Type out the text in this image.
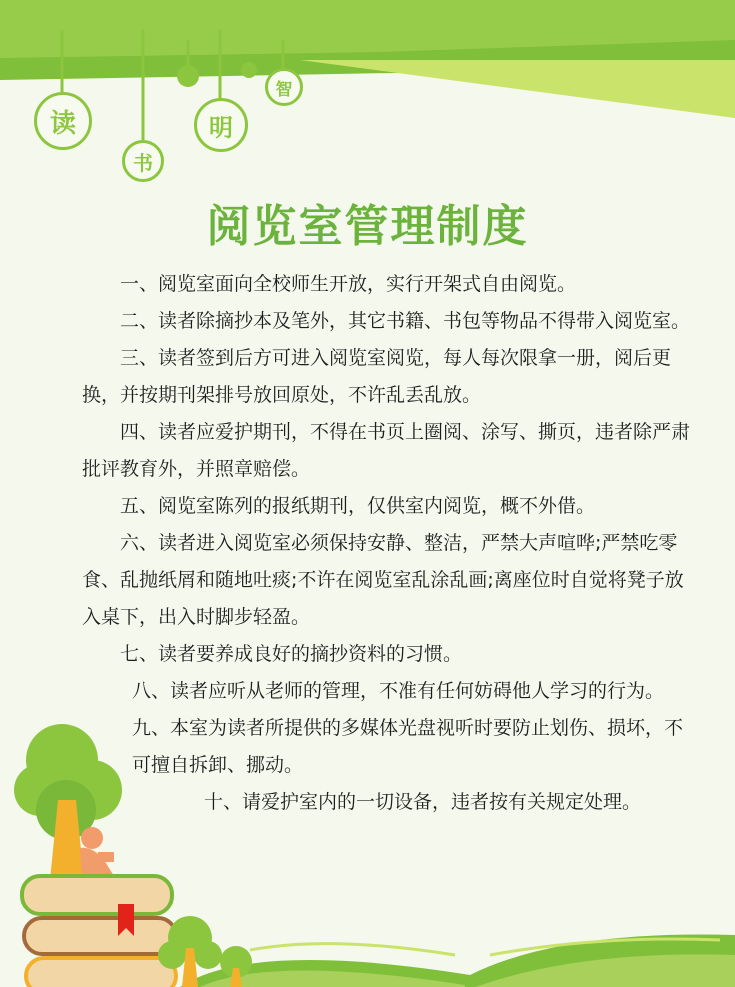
读
书
明
智
阅览室管理制度

一、阅览室面向全校师生开放，实行开架式自由阅览。

二、读者除摘抄本及笔外，其它书籍、书包等物品不得带入阅览室。

三、读者签到后方可进入阅览室阅览，每人每次限拿一册，阅后更换，并按期刊架排号放回原处，不许乱丢乱放。

四、读者应爱护期刊，不得在书页上圈阅、涂写、撕页，违者除严肃批评教育外，并照章赔偿。

五、阅览室陈列的报纸期刊，仅供室内阅览，概不外借。

六、读者进入阅览室必须保持安静、整洁，严禁大声喧哗;严禁吃零食、乱抛纸屑和随地吐痰;不许在阅览室乱涂乱画;离座位时自觉将凳子放入桌下，出入时脚步轻盈。

七、读者要养成良好的摘抄资料的习惯。

八、读者应听从老师的管理，不准有任何妨碍他人学习的行为。

九、本室为读者所提供的多媒体光盘视听时要防止划伤、损坏，不可擅自拆卸、挪动。

十、请爱护室内的一切设备，违者按有关规定处理。
